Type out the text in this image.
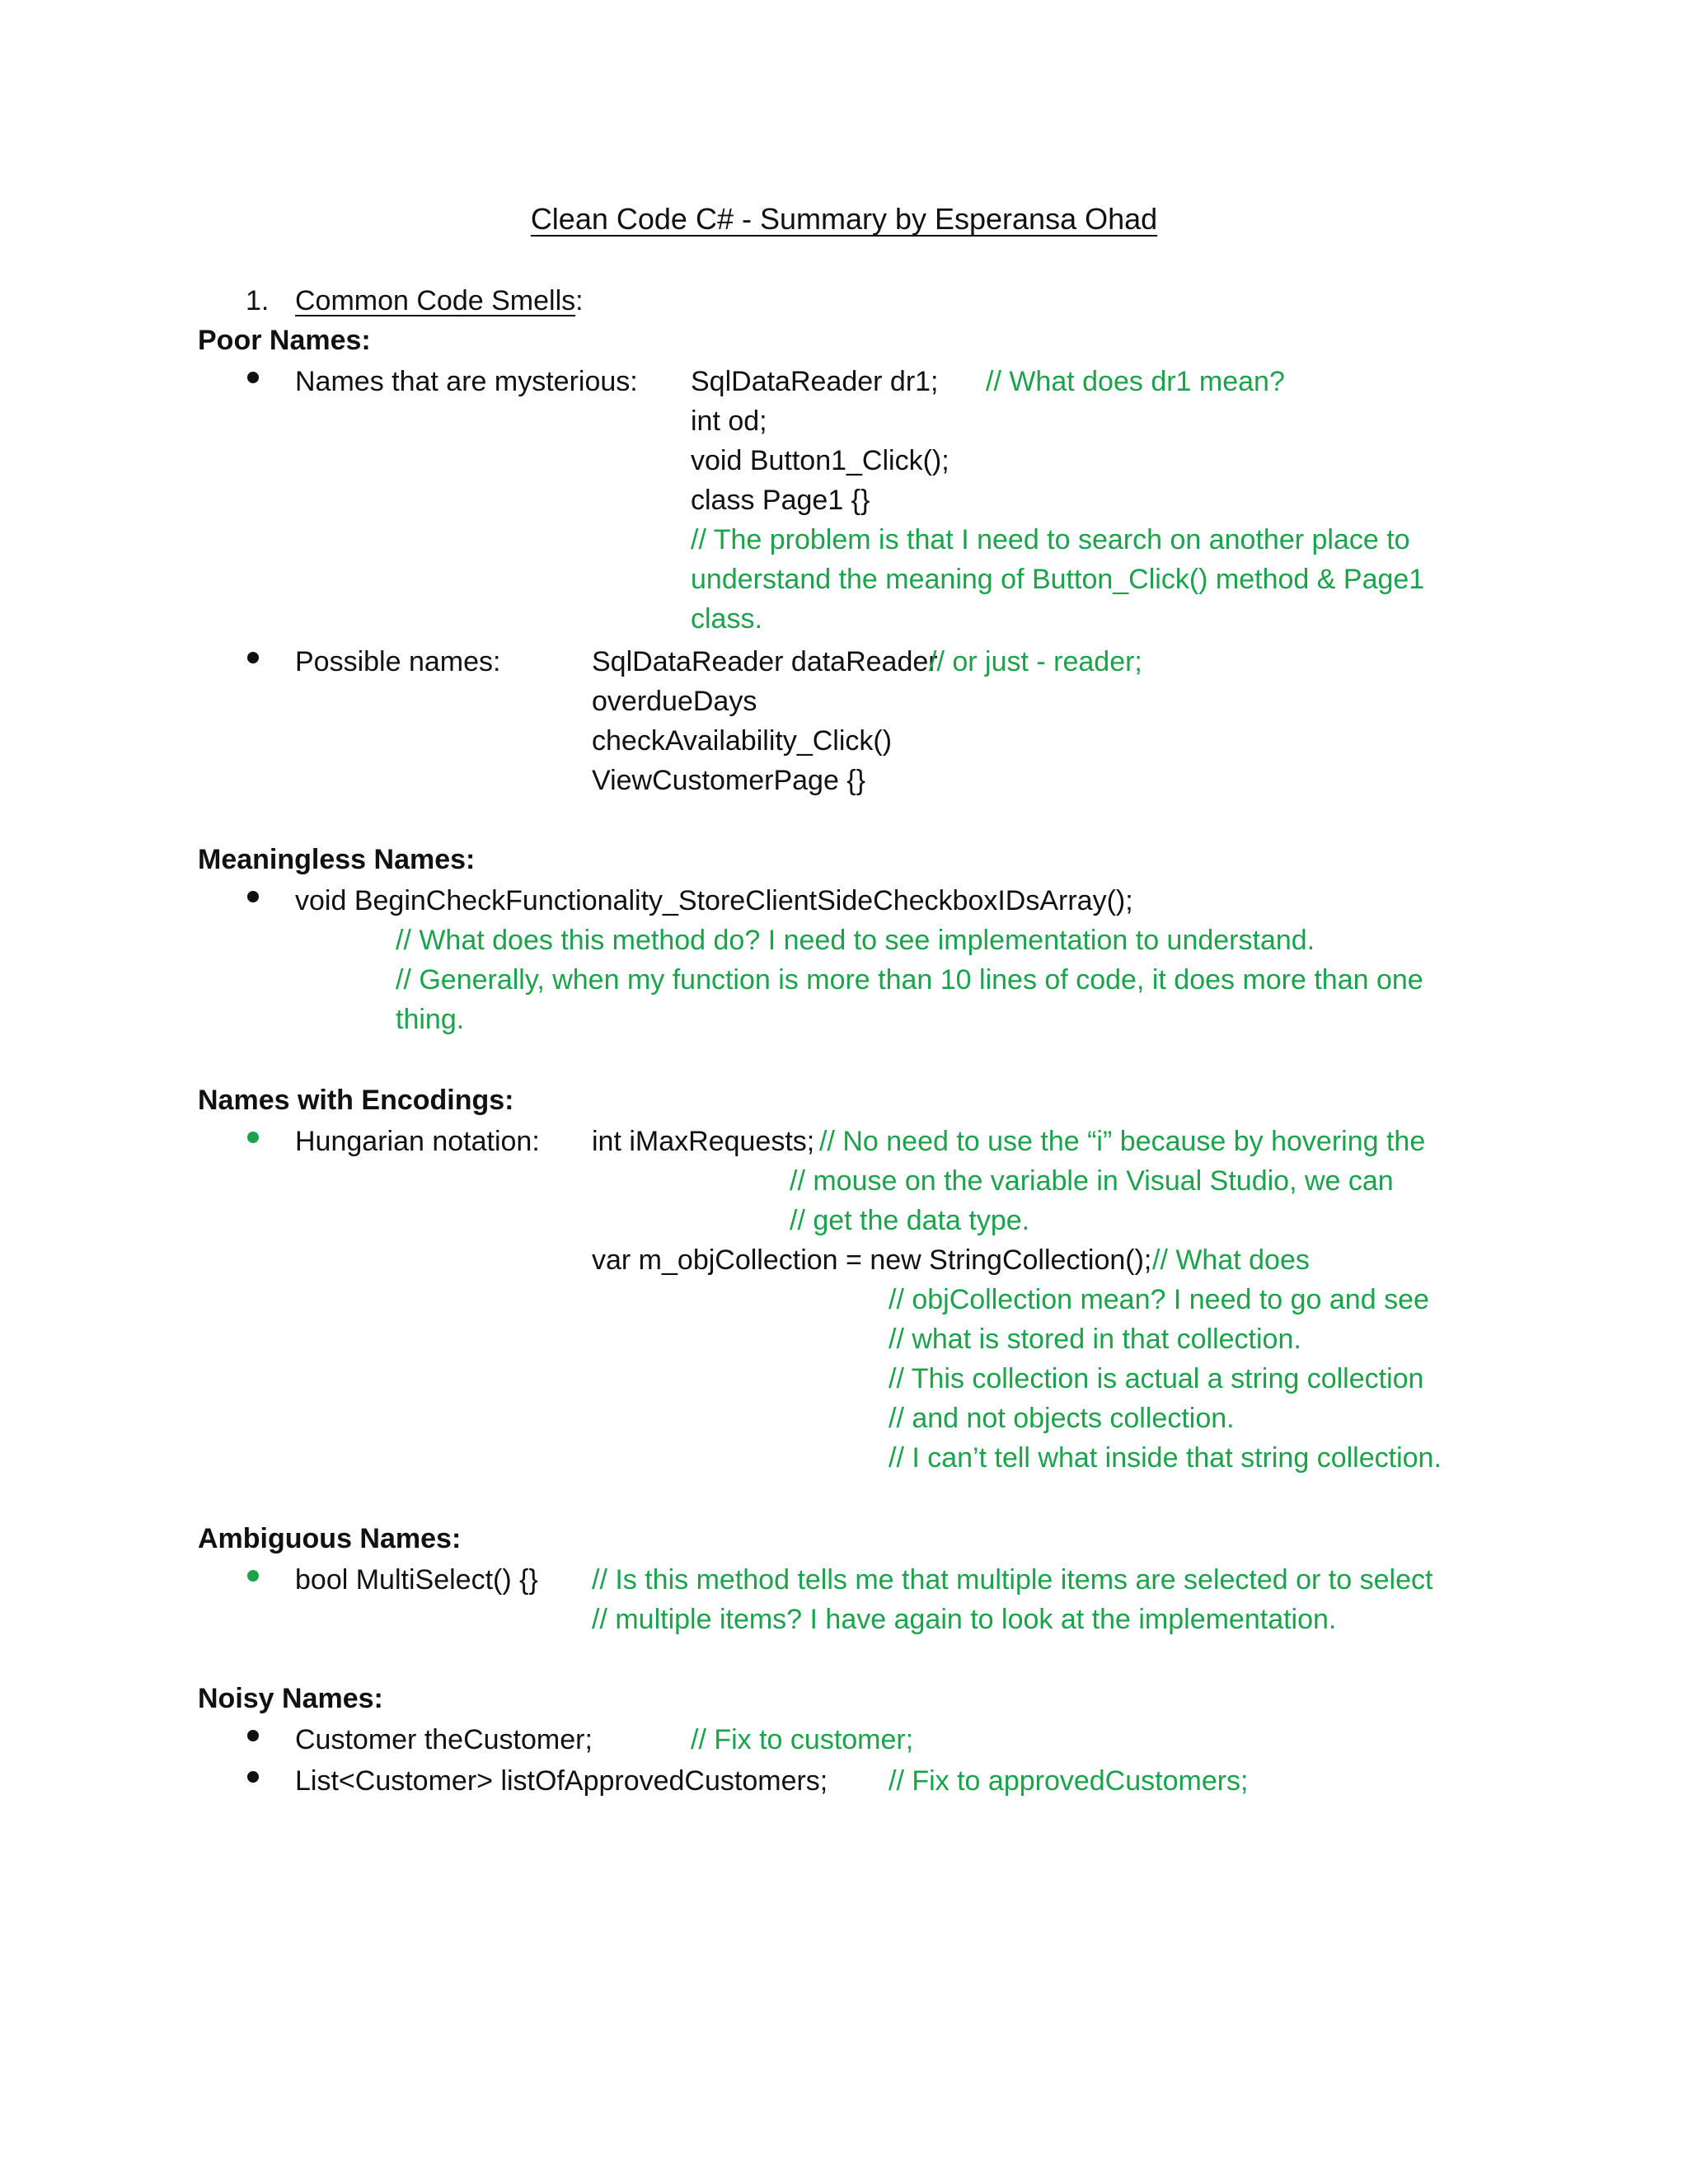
Clean Code C# - Summary by Esperansa Ohad
1. Common Code Smells:
Poor Names:
Names that are mysterious: SqlDataReader dr1; // What does dr1 mean?
int od;
void Button1_Click();
class Page1 {}
// The problem is that I need to search on another place to
understand the meaning of Button_Click() method & Page1
class.
Possible names:	SqlDataReader dataReader
// or just - reader;
overdueDays
checkAvailability_Click()
ViewCustomerPage {}
Meaningless Names:
void BeginCheckFunctionality_StoreClientSideCheckboxIDsArray();
// What does this method do? I need to see implementation to understand.
// Generally, when my function is more than 10 lines of code, it does more than one
thing.
Names with Encodings:
Hungarian notation: int iMaxRequests; // No need to use the “i” because by hovering the
// mouse on the variable in Visual Studio, we can
// get the data type.
var m_objCollection = new StringCollection(); // What does
// objCollection mean? I need to go and see
// what is stored in that collection.
// This collection is actual a string collection
// and not objects collection.
// I can’t tell what inside that string collection.
Ambiguous Names:
bool MultiSelect() {} // Is this method tells me that multiple items are selected or to select
// multiple items? I have again to look at the implementation.
Noisy Names:
Customer theCustomer;	// Fix to customer;
List<Customer> listOfApprovedCustomers; // Fix to approvedCustomers;
